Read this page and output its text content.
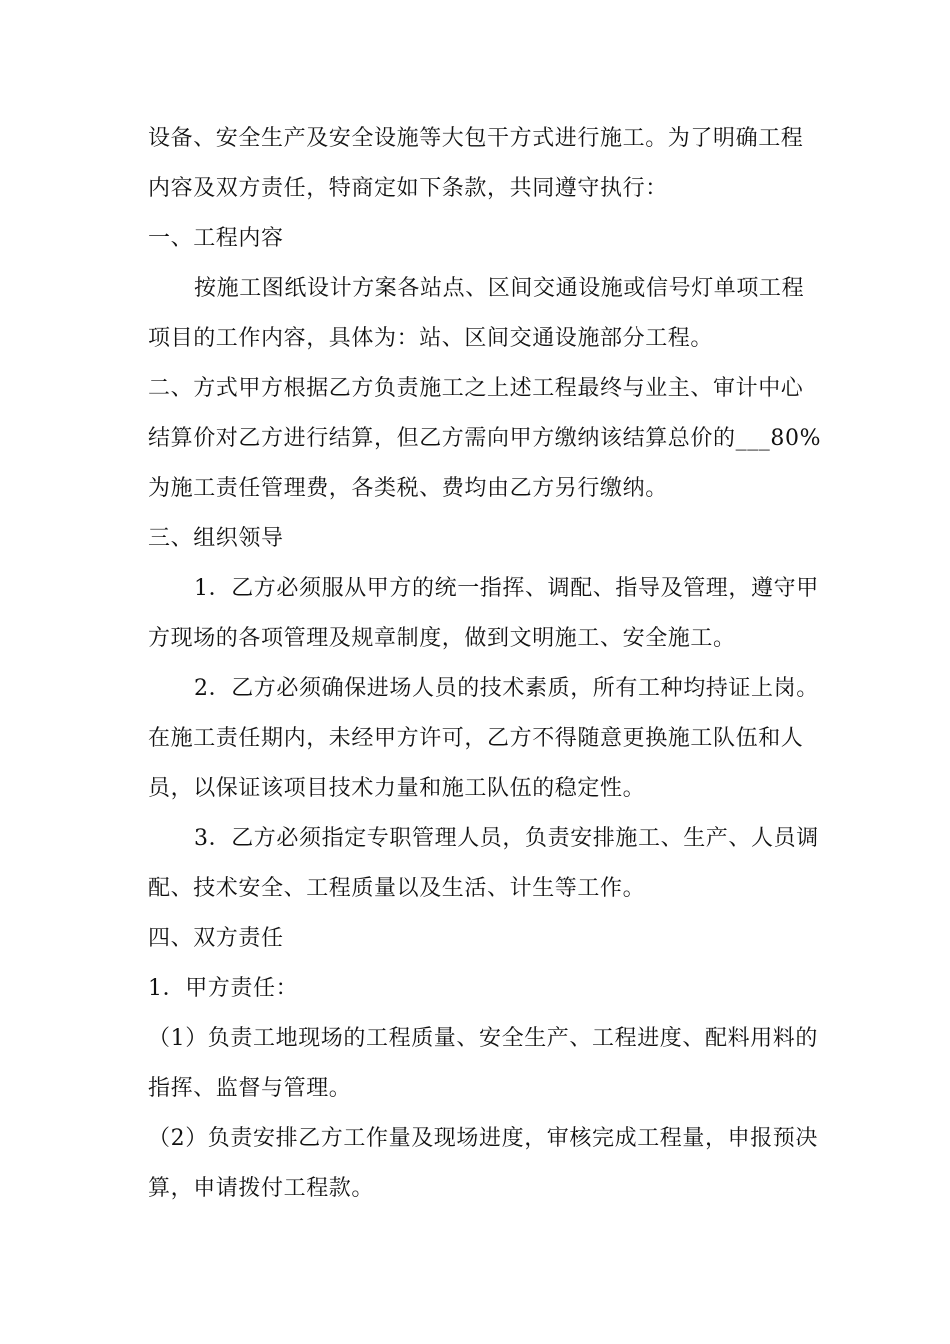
设备、安全生产及安全设施等大包干方式进行施工。为了明确工程
内容及双方责任，特商定如下条款，共同遵守执行：
一、工程内容
按施工图纸设计方案各站点、区间交通设施或信号灯单项工程
项目的工作内容，具体为：站、区间交通设施部分工程。
二、方式甲方根据乙方负责施工之上述工程最终与业主、审计中心
结算价对乙方进行结算，但乙方需向甲方缴纳该结算总价的___80%
为施工责任管理费，各类税、费均由乙方另行缴纳。
三、组织领导
1．乙方必须服从甲方的统一指挥、调配、指导及管理，遵守甲
方现场的各项管理及规章制度，做到文明施工、安全施工。
2．乙方必须确保进场人员的技术素质，所有工种均持证上岗。
在施工责任期内，未经甲方许可，乙方不得随意更换施工队伍和人
员，以保证该项目技术力量和施工队伍的稳定性。
3．乙方必须指定专职管理人员，负责安排施工、生产、人员调
配、技术安全、工程质量以及生活、计生等工作。
四、双方责任
1．甲方责任：
（1）负责工地现场的工程质量、安全生产、工程进度、配料用料的
指挥、监督与管理。
（2）负责安排乙方工作量及现场进度，审核完成工程量，申报预决
算，申请拨付工程款。
